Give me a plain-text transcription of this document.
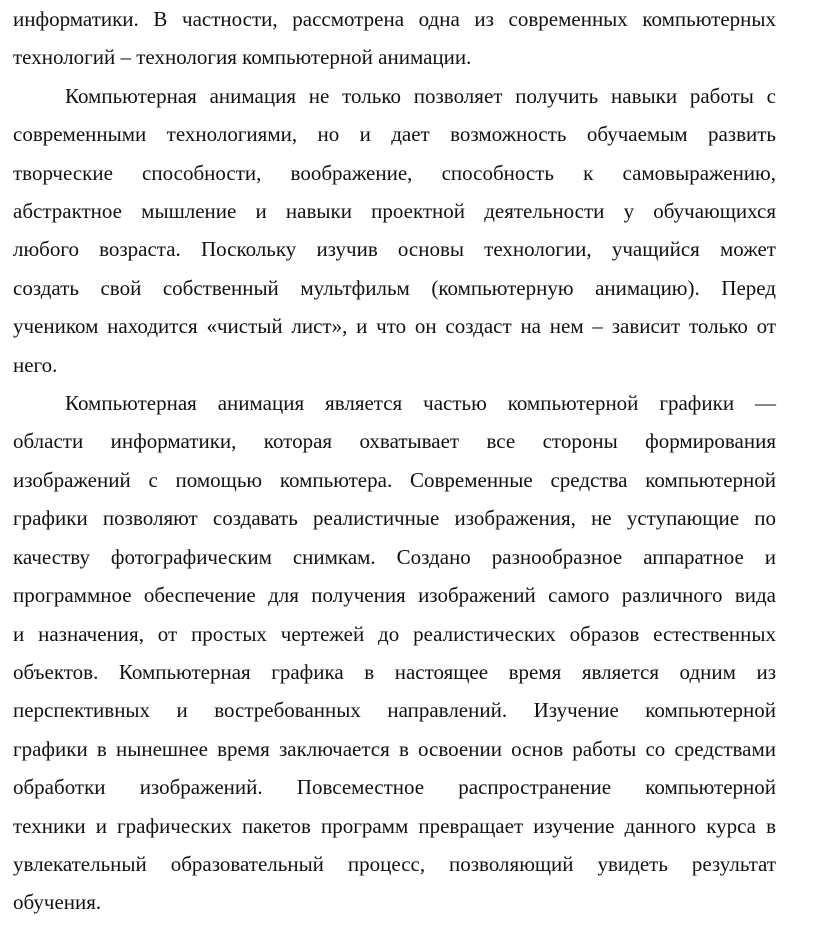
информатики. В частности, рассмотрена одна из современных компьютерных
технологий – технология компьютерной анимации.
Компьютерная анимация не только позволяет получить навыки работы с
современными технологиями, но и дает возможность обучаемым развить
творческие способности, воображение, способность к самовыражению,
абстрактное мышление и навыки проектной деятельности у обучающихся
любого возраста. Поскольку изучив основы технологии, учащийся может
создать свой собственный мультфильм (компьютерную анимацию). Перед
учеником находится «чистый лист», и что он создаст на нем – зависит только от
него.
Компьютерная анимация является частью компьютерной графики —
области информатики, которая охватывает все стороны формирования
изображений с помощью компьютера. Современные средства компьютерной
графики позволяют создавать реалистичные изображения, не уступающие по
качеству фотографическим снимкам. Создано разнообразное аппаратное и
программное обеспечение для получения изображений самого различного вида
и назначения, от простых чертежей до реалистических образов естественных
объектов. Компьютерная графика в настоящее время является одним из
перспективных и востребованных направлений. Изучение компьютерной
графики в нынешнее время заключается в освоении основ работы со средствами
обработки изображений. Повсеместное распространение компьютерной
техники и графических пакетов программ превращает изучение данного курса в
увлекательный образовательный процесс, позволяющий увидеть результат
обучения.
